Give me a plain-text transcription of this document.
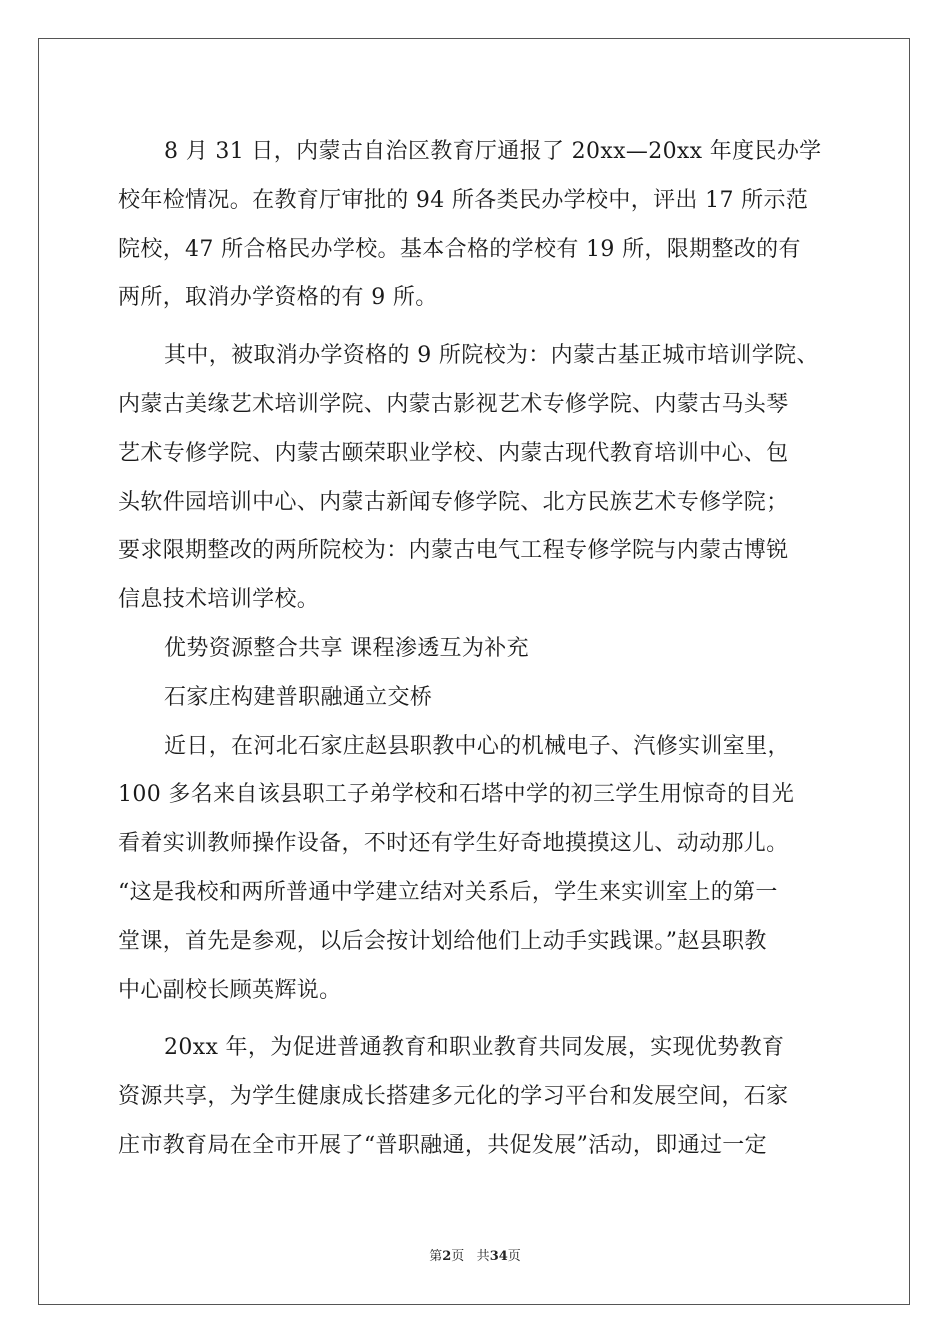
8 月 31 日，内蒙古自治区教育厅通报了 20xx—20xx 年度民办学
校年检情况。在教育厅审批的 94 所各类民办学校中，评出 17 所示范
院校，47 所合格民办学校。基本合格的学校有 19 所，限期整改的有
两所，取消办学资格的有 9 所。
其中，被取消办学资格的 9 所院校为：内蒙古基正城市培训学院、
内蒙古美缘艺术培训学院、内蒙古影视艺术专修学院、内蒙古马头琴
艺术专修学院、内蒙古颐荣职业学校、内蒙古现代教育培训中心、包
头软件园培训中心、内蒙古新闻专修学院、北方民族艺术专修学院；
要求限期整改的两所院校为：内蒙古电气工程专修学院与内蒙古博锐
信息技术培训学校。
优势资源整合共享 课程渗透互为补充
石家庄构建普职融通立交桥
近日，在河北石家庄赵县职教中心的机械电子、汽修实训室里，
100 多名来自该县职工子弟学校和石塔中学的初三学生用惊奇的目光
看着实训教师操作设备，不时还有学生好奇地摸摸这儿、动动那儿。
“这是我校和两所普通中学建立结对关系后，学生来实训室上的第一
堂课，首先是参观，以后会按计划给他们上动手实践课。”赵县职教
中心副校长顾英辉说。
20xx 年，为促进普通教育和职业教育共同发展，实现优势教育
资源共享，为学生健康成长搭建多元化的学习平台和发展空间，石家
庄市教育局在全市开展了“普职融通，共促发展”活动，即通过一定
第2页 共34页
